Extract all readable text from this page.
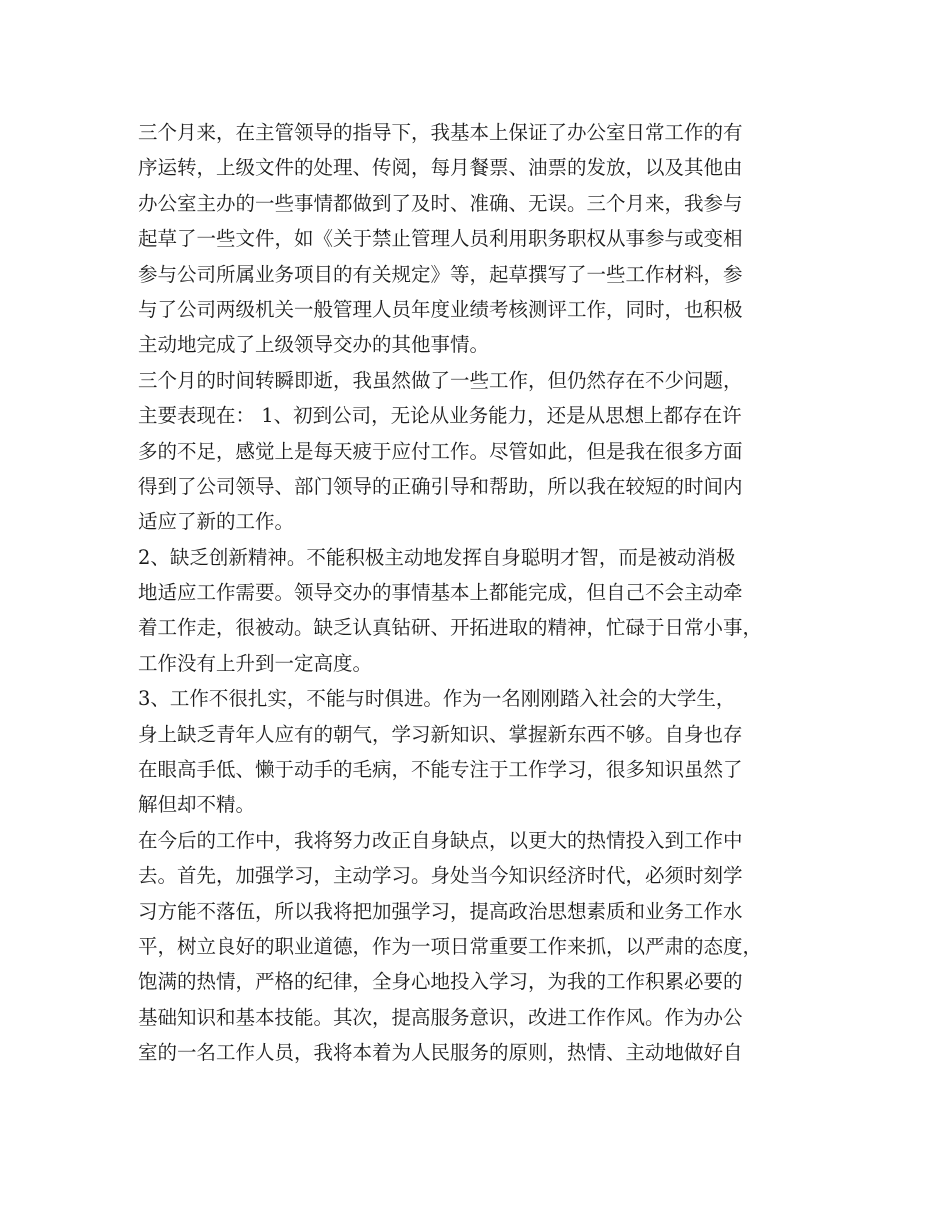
三个月来，在主管领导的指导下，我基本上保证了办公室日常工作的有
序运转，上级文件的处理、传阅，每月餐票、油票的发放，以及其他由
办公室主办的一些事情都做到了及时、准确、无误。三个月来，我参与
起草了一些文件，如《关于禁止管理人员利用职务职权从事参与或变相
参与公司所属业务项目的有关规定》等，起草撰写了一些工作材料，参
与了公司两级机关一般管理人员年度业绩考核测评工作，同时，也积极
主动地完成了上级领导交办的其他事情。
三个月的时间转瞬即逝，我虽然做了一些工作，但仍然存在不少问题，
主要表现在： 1、初到公司，无论从业务能力，还是从思想上都存在许
多的不足，感觉上是每天疲于应付工作。尽管如此，但是我在很多方面
得到了公司领导、部门领导的正确引导和帮助，所以我在较短的时间内
适应了新的工作。
2、缺乏创新精神。不能积极主动地发挥自身聪明才智，而是被动消极
地适应工作需要。领导交办的事情基本上都能完成，但自己不会主动牵
着工作走，很被动。缺乏认真钻研、开拓进取的精神，忙碌于日常小事，
工作没有上升到一定高度。
3、工作不很扎实，不能与时俱进。作为一名刚刚踏入社会的大学生，
身上缺乏青年人应有的朝气，学习新知识、掌握新东西不够。自身也存
在眼高手低、懒于动手的毛病，不能专注于工作学习，很多知识虽然了
解但却不精。
在今后的工作中，我将努力改正自身缺点，以更大的热情投入到工作中
去。首先，加强学习，主动学习。身处当今知识经济时代，必须时刻学
习方能不落伍，所以我将把加强学习，提高政治思想素质和业务工作水
平，树立良好的职业道德，作为一项日常重要工作来抓，以严肃的态度，
饱满的热情，严格的纪律，全身心地投入学习，为我的工作积累必要的
基础知识和基本技能。其次，提高服务意识，改进工作作风。作为办公
室的一名工作人员，我将本着为人民服务的原则，热情、主动地做好自
